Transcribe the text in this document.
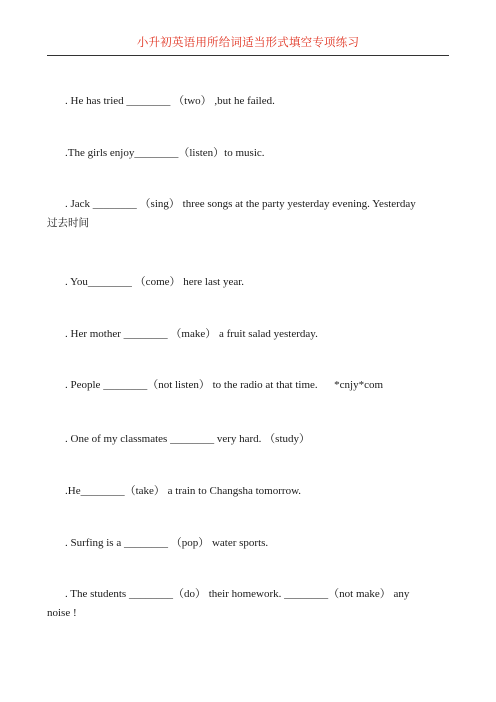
小升初英语用所给词适当形式填空专项练习
. He has tried ________ （two） ,but he failed.
.The girls enjoy________（listen）to music.
. Jack ________ （sing） three songs at the party yesterday evening. Yesterday
过去时间
. You________ （come） here last year.
. Her mother ________ （make） a fruit salad yesterday.
. People ________（not listen） to the radio at that time.      *cnjy*com
. One of my classmates ________ very hard. （study）
.He________（take） a train to Changsha tomorrow.
. Surfing is a ________ （pop） water sports.
. The students ________（do） their homework. ________（not make） any
noise !
